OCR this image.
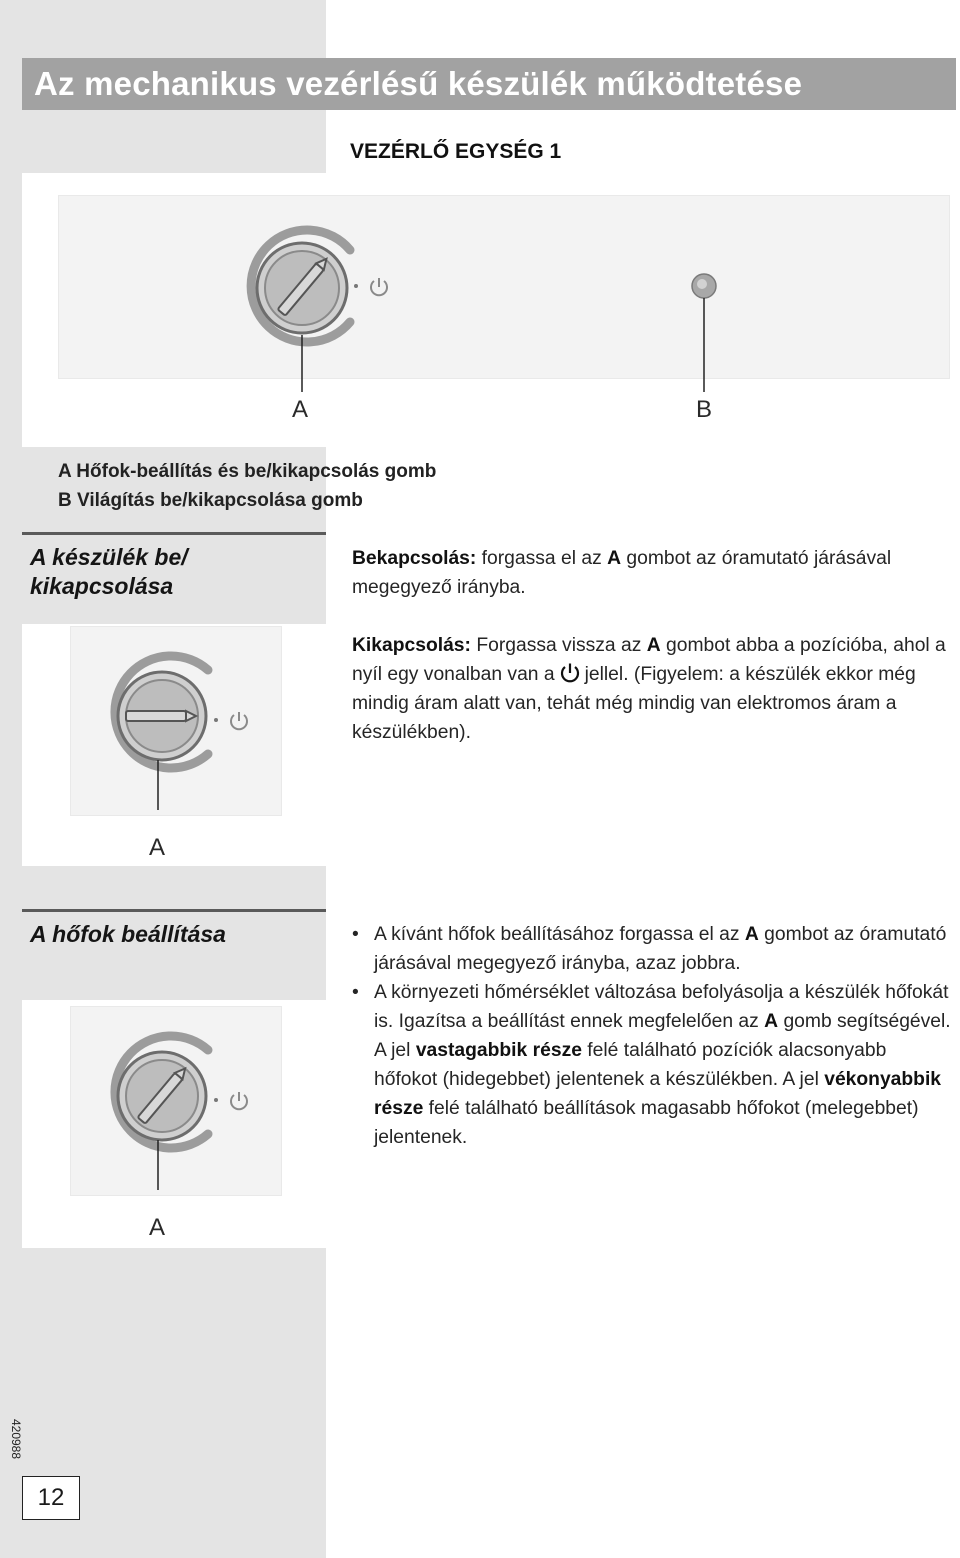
Az mechanikus vezérlésű készülék működtetése
VEZÉRLŐ EGYSÉG 1
A	B
A Hőfok-beállítás és be/kikapcsolás gomb
B Világítás be/kikapcsolása gomb
A készülék be/
kikapcsolása
Bekapcsolás: forgassa el az A gombot az óramutató járásával megegyező irányba.
Kikapcsolás: Forgassa vissza az A gombot abba a pozícióba, ahol a nyíl egy vonalban van a jellel. (Figyelem: a készülék ekkor még mindig áram alatt van, tehát még mindig van elektromos áram a készülékben).
A
A hőfok beállítása	• A kívánt hőfok beállításához forgassa el az A gombot az óramutató járásával megegyező irányba, azaz jobbra.
• A környezeti hőmérséklet változása befolyásolja a készülék hőfokát is. Igazítsa a beállítást ennek megfelelően az A gomb segítségével. A jel vastagabbik része felé található pozíciók alacsonyabb hőfokot (hidegebbet) jelentenek a készülékben. A jel vékonyabbik része felé található beállítások magasabb hőfokot (melegebbet) jelentenek.
A
420988
12
